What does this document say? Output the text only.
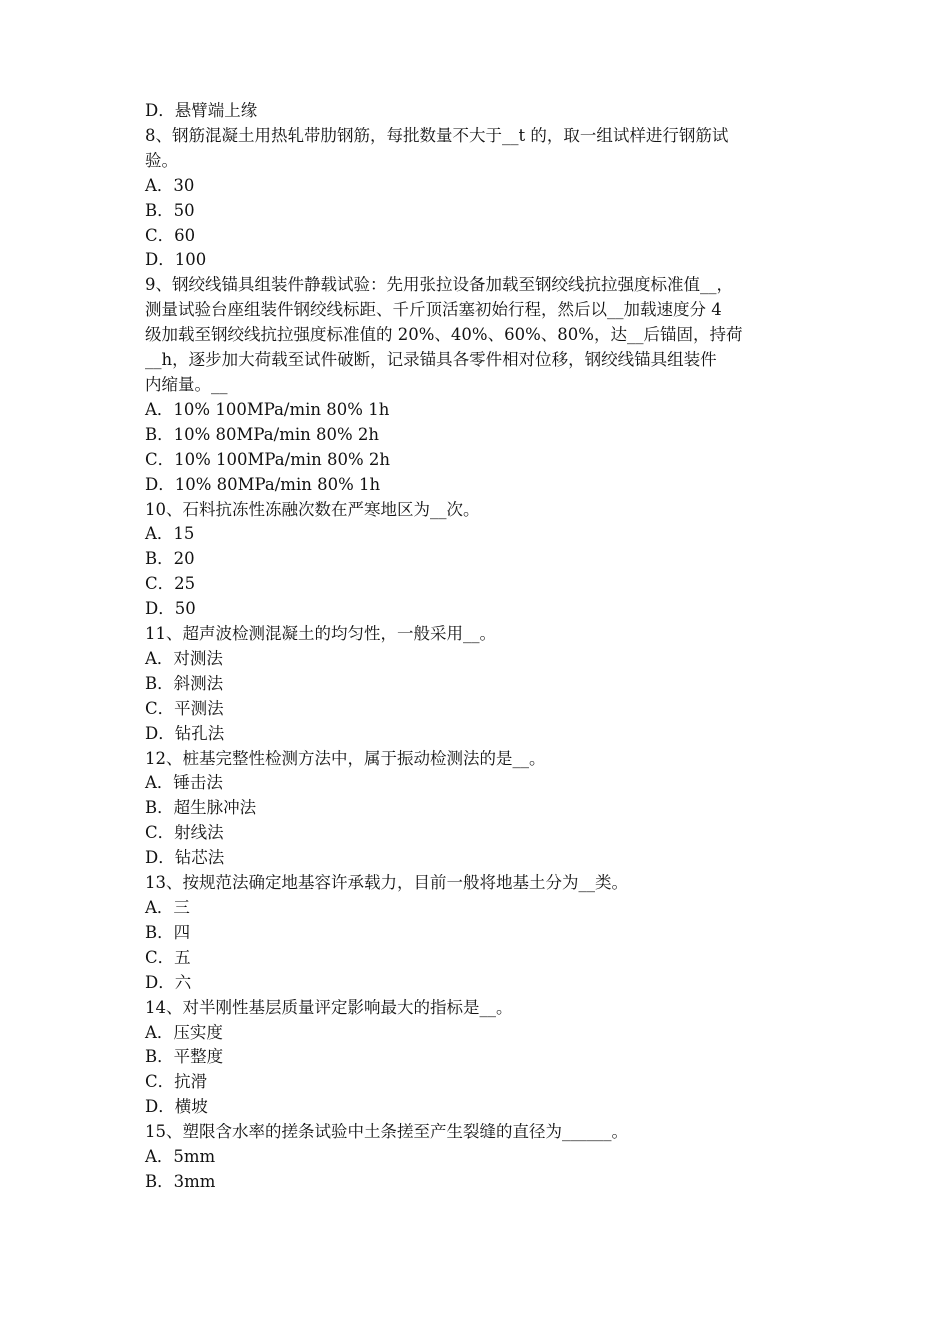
D．悬臂端上缘
8、钢筋混凝土用热轧带肋钢筋，每批数量不大于__t 的，取一组试样进行钢筋试
验。
A．30
B．50
C．60
D．100
9、钢绞线锚具组装件静载试验：先用张拉设备加载至钢绞线抗拉强度标准值__，
测量试验台座组装件钢绞线标距、千斤顶活塞初始行程，然后以__加载速度分 4
级加载至钢绞线抗拉强度标准值的 20%、40%、60%、80%，达__后锚固，持荷
__h，逐步加大荷载至试件破断，记录锚具各零件相对位移，钢绞线锚具组装件
内缩量。__
A．10% 100MPa/min 80% 1h
B．10% 80MPa/min 80% 2h
C．10% 100MPa/min 80% 2h
D．10% 80MPa/min 80% 1h
10、石料抗冻性冻融次数在严寒地区为__次。
A．15
B．20
C．25
D．50
11、超声波检测混凝土的均匀性，一般采用__。
A．对测法
B．斜测法
C．平测法
D．钻孔法
12、桩基完整性检测方法中，属于振动检测法的是__。
A．锤击法
B．超生脉冲法
C．射线法
D．钻芯法
13、按规范法确定地基容许承载力，目前一般将地基土分为__类。
A．三
B．四
C．五
D．六
14、对半刚性基层质量评定影响最大的指标是__。
A．压实度
B．平整度
C．抗滑
D．横坡
15、塑限含水率的搓条试验中土条搓至产生裂缝的直径为______。
A．5mm
B．3mm
